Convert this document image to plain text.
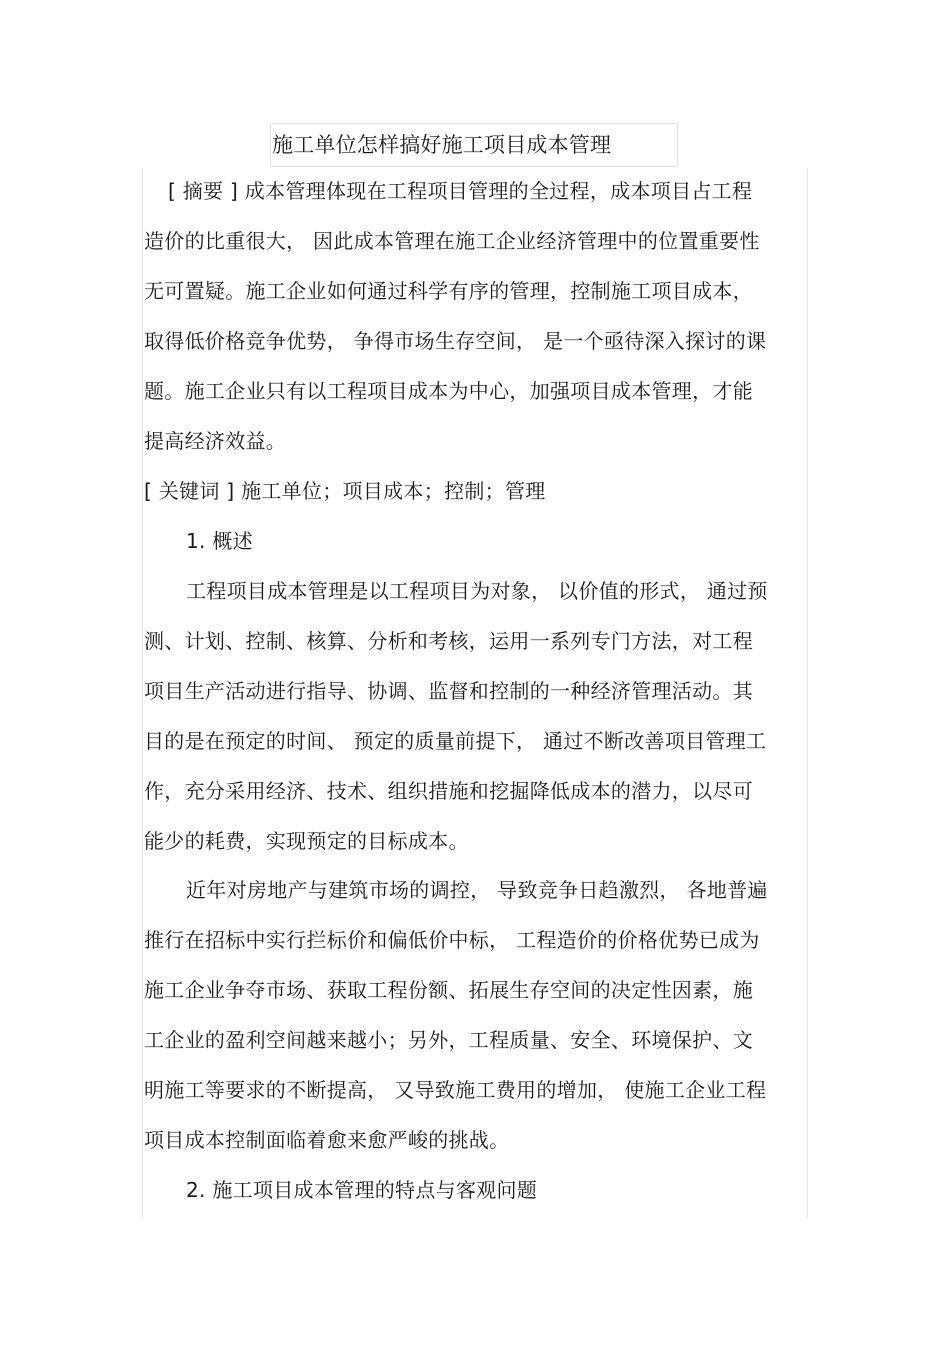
施工单位怎样搞好施工项目成本管理
[ 摘要 ] 成本管理体现在工程项目管理的全过程，成本项目占工程
造价的比重很大， 因此成本管理在施工企业经济管理中的位置重要性
无可置疑。施工企业如何通过科学有序的管理，控制施工项目成本，
取得低价格竞争优势， 争得市场生存空间， 是一个亟待深入探讨的课
题。施工企业只有以工程项目成本为中心，加强项目成本管理，才能
提高经济效益。
[ 关键词 ] 施工单位；项目成本；控制；管理
1. 概述
工程项目成本管理是以工程项目为对象， 以价值的形式， 通过预
测、计划、控制、核算、分析和考核，运用一系列专门方法，对工程
项目生产活动进行指导、协调、监督和控制的一种经济管理活动。其
目的是在预定的时间、 预定的质量前提下， 通过不断改善项目管理工
作，充分采用经济、技术、组织措施和挖掘降低成本的潜力，以尽可
能少的耗费，实现预定的目标成本。
近年对房地产与建筑市场的调控， 导致竞争日趋激烈， 各地普遍
推行在招标中实行拦标价和偏低价中标， 工程造价的价格优势已成为
施工企业争夺市场、获取工程份额、拓展生存空间的决定性因素，施
工企业的盈利空间越来越小；另外，工程质量、安全、环境保护、文
明施工等要求的不断提高， 又导致施工费用的增加， 使施工企业工程
项目成本控制面临着愈来愈严峻的挑战。
2. 施工项目成本管理的特点与客观问题
